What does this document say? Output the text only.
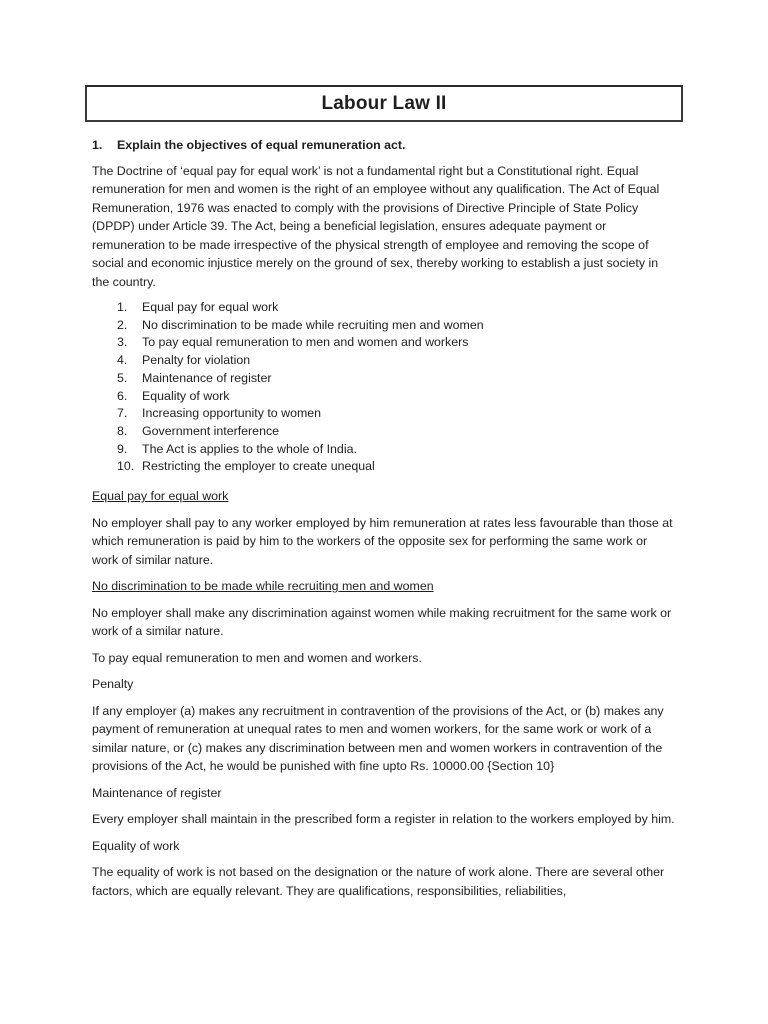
Labour Law II
1.	Explain the objectives of equal remuneration act.

The Doctrine of ‘equal pay for equal work’ is not a fundamental right but a Constitutional right. Equal remuneration for men and women is the right of an employee without any qualification. The Act of Equal Remuneration, 1976 was enacted to comply with the provisions of Directive Principle of State Policy (DPDP) under Article 39. The Act, being a beneficial legislation, ensures adequate payment or remuneration to be made irrespective of the physical strength of employee and removing the scope of social and economic injustice merely on the ground of sex, thereby working to establish a just society in the country.

1.	Equal pay for equal work
2.	No discrimination to be made while recruiting men and women
3.	To pay equal remuneration to men and women and workers
4.	Penalty for violation
5.	Maintenance of register
6.	Equality of work
7.	Increasing opportunity to women
8.	Government interference
9.	The Act is applies to the whole of India.
10. Restricting the employer to create unequal
Equal pay for equal work

No employer shall pay to any worker employed by him remuneration at rates less favourable than those at which remuneration is paid by him to the workers of the opposite sex for performing the same work or work of similar nature.

No discrimination to be made while recruiting men and women

No employer shall make any discrimination against women while making recruitment for the same work or work of a similar nature.

To pay equal remuneration to men and women and workers.

Penalty

If any employer (a) makes any recruitment in contravention of the provisions of the Act, or (b) makes any payment of remuneration at unequal rates to men and women workers, for the same work or work of a similar nature, or (c) makes any discrimination between men and women workers in contravention of the provisions of the Act, he would be punished with fine upto Rs. 10000.00 {Section 10}

Maintenance of register

Every employer shall maintain in the prescribed form a register in relation to the workers employed by him.

Equality of work

The equality of work is not based on the designation or the nature of work alone. There are several other factors, which are equally relevant. They are qualifications, responsibilities, reliabilities,
